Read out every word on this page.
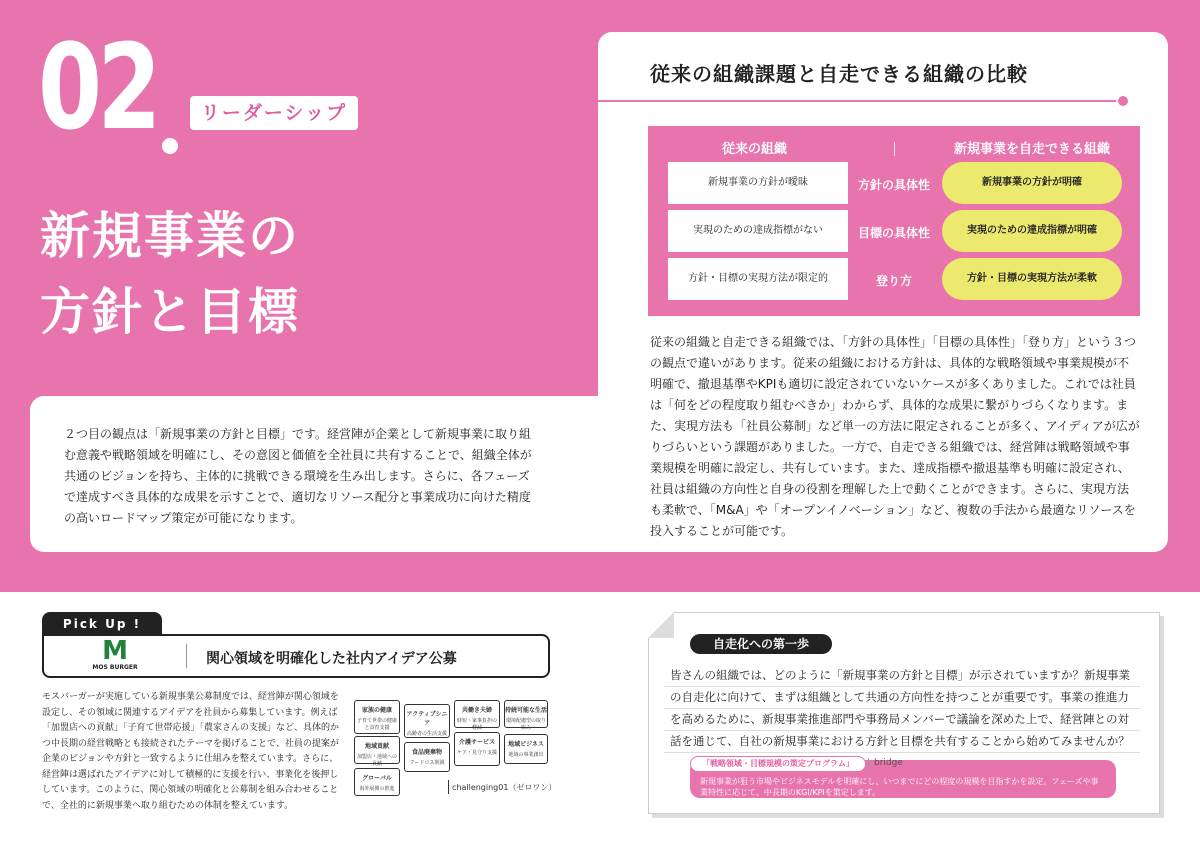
02	リーダーシップ
新規事業の
方針と目標
２つ目の観点は「新規事業の方針と目標」です。経営陣が企業として新規事業に取り組む意義や戦略領域を明確にし、その意図と価値を全社員に共有することで、組織全体が共通のビジョンを持ち、主体的に挑戦できる環境を生み出します。さらに、各フェーズで達成すべき具体的な成果を示すことで、適切なリソース配分と事業成功に向けた精度の高いロードマップ策定が可能になります。
従来の組織課題と自走できる組織の比較
従来の組織	新規事業を自走できる組織
新規事業の方針が曖昧	方針の具体性	新規事業の方針が明確
実現のための達成指標がない	目標の具体性	実現のための達成指標が明確
方針・目標の実現方法が限定的	登り方	方針・目標の実現方法が柔軟
従来の組織と自走できる組織では、「方針の具体性」「目標の具体性」「登り方」という３つの観点で違いがあります。従来の組織における方針は、具体的な戦略領域や事業規模が不明確で、撤退基準やKPIも適切に設定されていないケースが多くありました。これでは社員は「何をどの程度取り組むべきか」わからず、具体的な成果に繋がりづらくなります。また、実現方法も「社員公募制」など単一の方法に限定されることが多く、アイディアが広がりづらいという課題がありました。一方で、自走できる組織では、経営陣は戦略領域や事業規模を明確に設定し、共有しています。また、達成指標や撤退基準も明確に設定され、社員は組織の方向性と自身の役割を理解した上で動くことができます。さらに、実現方法も柔軟で、「M&A」や「オープンイノベーション」など、複数の手法から最適なリソースを投入することが可能です。
Pick Up !
M
MOS BURGER
関心領域を明確化した社内アイデア公募
モスバーガーが実施している新規事業公募制度では、経営陣が関心領域を設定し、その領域に関連するアイデアを社員から募集しています。例えば「加盟店への貢献」「子育て世帯応援」「農家さんの支援」など、具体的かつ中長期の経営戦略とも接続されたテーマを掲げることで、社員の提案が企業のビジョンや方針と一致するように仕組みを整えています。さらに、経営陣は選ばれたアイデアに対して積極的に支援を行い、事業化を後押ししています。このように、関心領域の明確化と公募制を組み合わせることで、全社的に新規事業へ取り組むための体制を整えています。
家族の健康
子育て世帯の健康と食育支援
アクティブシニア
高齢者の生活支援
共働き夫婦
時短・家事負担の軽減
持続可能な生活
環境配慮型の取り組み
地域貢献
加盟店・地域への貢献
食品廃棄物
フードロス削減
介護サービス
ケア・見守り支援
地域ビジネス
地域の事業創出
グローバル
海外展開の推進	challenging01（ゼロワン）
自走化への第一歩
皆さんの組織では、どのように「新規事業の方針と目標」が示されていますか？新規事業の自走化に向けて、まずは組織として共通の方向性を持つことが重要です。事業の推進力を高めるために、新規事業推進部門や事務局メンバーで議論を深めた上で、経営陣との対話を通じて、自社の新規事業における方針と目標を共有することから始めてみませんか？
「戦略領域・目標規模の策定プログラム」	bridge
新規事業が狙う市場やビジネスモデルを明確にし、いつまでにどの程度の規模を目指すかを設定。フェーズや事業特性に応じて、中長期のKGI/KPIを策定します。
